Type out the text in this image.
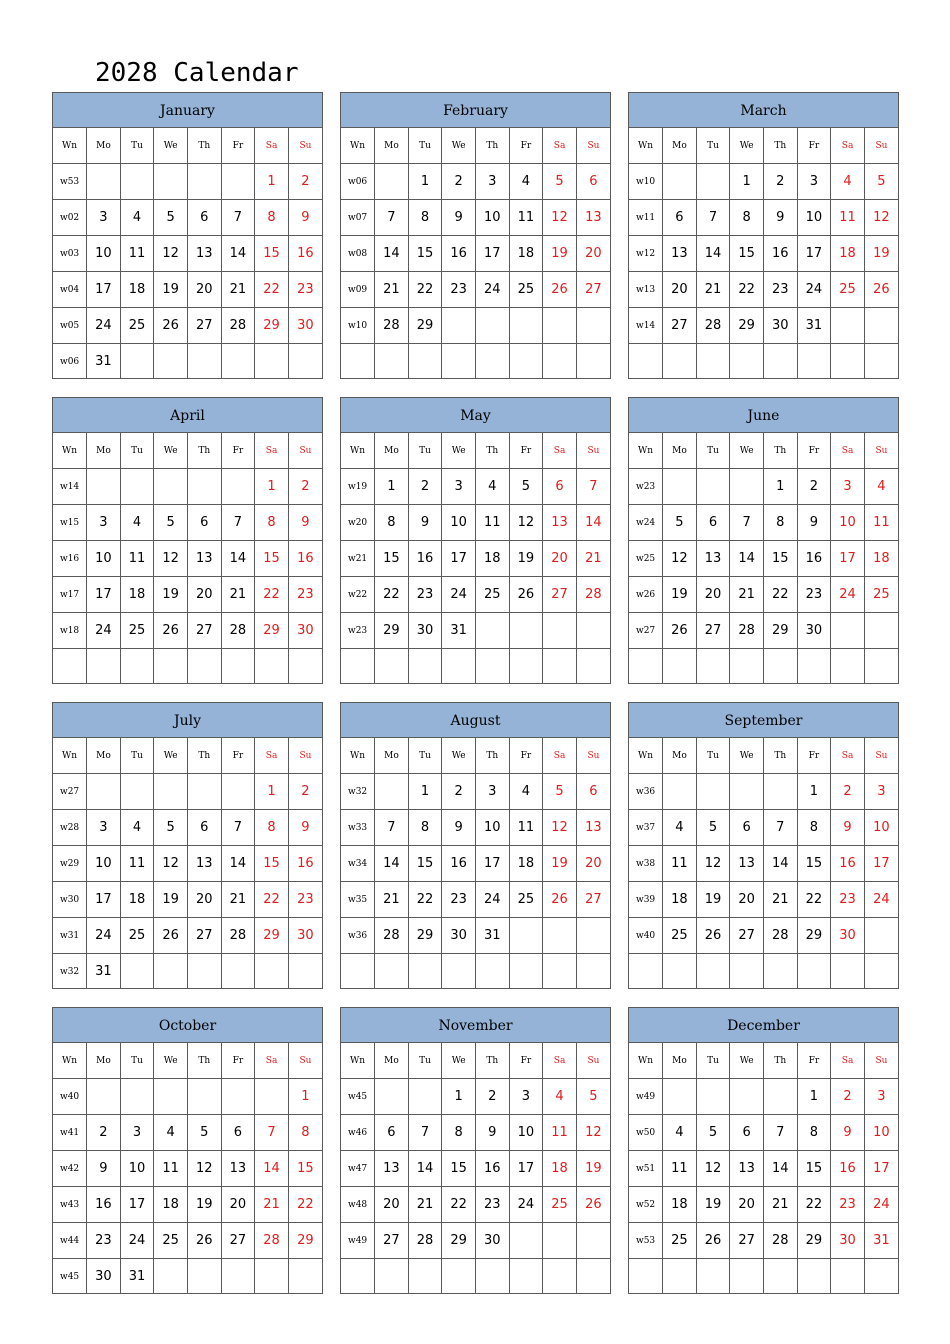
2028 Calendar
January
Wn	Mo	Tu	We	Th	Fr	Sa	Su
w53						1	2
w02	3	4	5	6	7	8	9
w03	10	11	12	13	14	15	16
w04	17	18	19	20	21	22	23
w05	24	25	26	27	28	29	30
w06	31						
February
Wn	Mo	Tu	We	Th	Fr	Sa	Su
w06		1	2	3	4	5	6
w07	7	8	9	10	11	12	13
w08	14	15	16	17	18	19	20
w09	21	22	23	24	25	26	27
w10	28	29					

March
Wn	Mo	Tu	We	Th	Fr	Sa	Su
w10			1	2	3	4	5
w11	6	7	8	9	10	11	12
w12	13	14	15	16	17	18	19
w13	20	21	22	23	24	25	26
w14	27	28	29	30	31		

April
Wn	Mo	Tu	We	Th	Fr	Sa	Su
w14						1	2
w15	3	4	5	6	7	8	9
w16	10	11	12	13	14	15	16
w17	17	18	19	20	21	22	23
w18	24	25	26	27	28	29	30

May
Wn	Mo	Tu	We	Th	Fr	Sa	Su
w19	1	2	3	4	5	6	7
w20	8	9	10	11	12	13	14
w21	15	16	17	18	19	20	21
w22	22	23	24	25	26	27	28
w23	29	30	31				

June
Wn	Mo	Tu	We	Th	Fr	Sa	Su
w23				1	2	3	4
w24	5	6	7	8	9	10	11
w25	12	13	14	15	16	17	18
w26	19	20	21	22	23	24	25
w27	26	27	28	29	30		

July
Wn	Mo	Tu	We	Th	Fr	Sa	Su
w27						1	2
w28	3	4	5	6	7	8	9
w29	10	11	12	13	14	15	16
w30	17	18	19	20	21	22	23
w31	24	25	26	27	28	29	30
w32	31						
August
Wn	Mo	Tu	We	Th	Fr	Sa	Su
w32		1	2	3	4	5	6
w33	7	8	9	10	11	12	13
w34	14	15	16	17	18	19	20
w35	21	22	23	24	25	26	27
w36	28	29	30	31			

September
Wn	Mo	Tu	We	Th	Fr	Sa	Su
w36					1	2	3
w37	4	5	6	7	8	9	10
w38	11	12	13	14	15	16	17
w39	18	19	20	21	22	23	24
w40	25	26	27	28	29	30	

October
Wn	Mo	Tu	We	Th	Fr	Sa	Su
w40							1
w41	2	3	4	5	6	7	8
w42	9	10	11	12	13	14	15
w43	16	17	18	19	20	21	22
w44	23	24	25	26	27	28	29
w45	30	31					
November
Wn	Mo	Tu	We	Th	Fr	Sa	Su
w45			1	2	3	4	5
w46	6	7	8	9	10	11	12
w47	13	14	15	16	17	18	19
w48	20	21	22	23	24	25	26
w49	27	28	29	30			

December
Wn	Mo	Tu	We	Th	Fr	Sa	Su
w49					1	2	3
w50	4	5	6	7	8	9	10
w51	11	12	13	14	15	16	17
w52	18	19	20	21	22	23	24
w53	25	26	27	28	29	30	31
